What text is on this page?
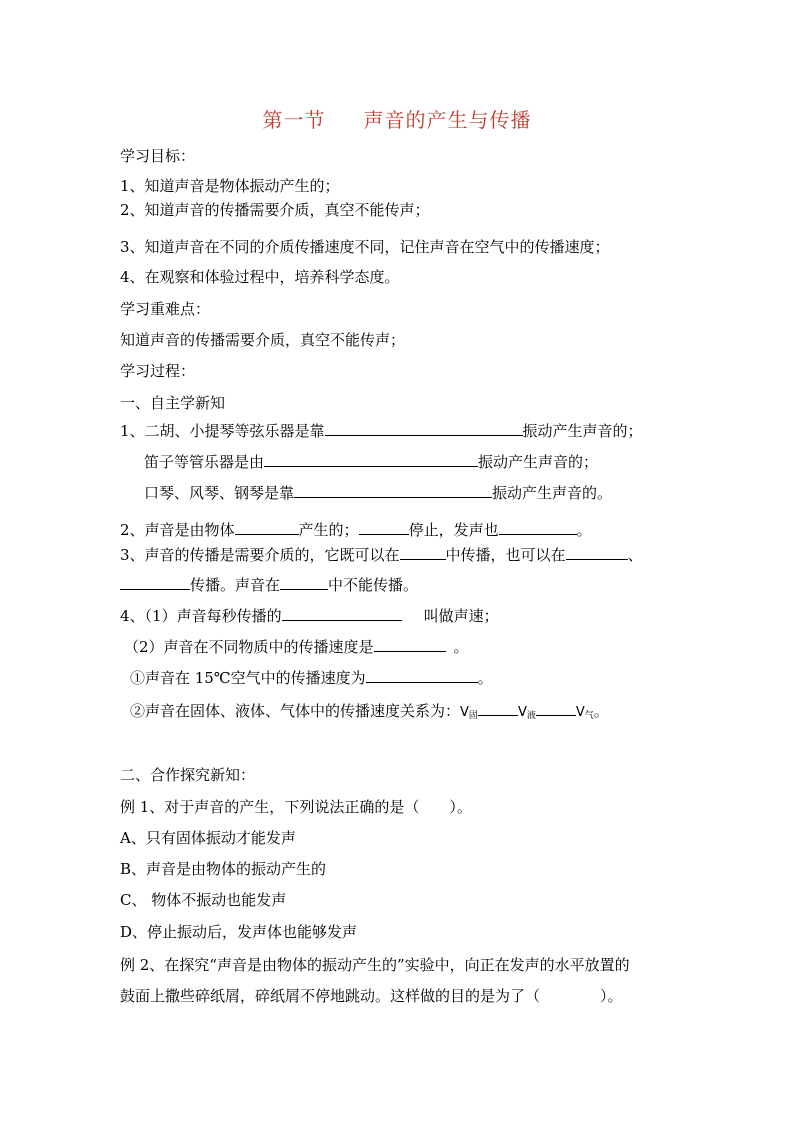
第一节 声音的产生与传播
学习目标：
1、知道声音是物体振动产生的；
2、知道声音的传播需要介质，真空不能传声；
3、知道声音在不同的介质传播速度不同，记住声音在空气中的传播速度；
4、在观察和体验过程中，培养科学态度。
学习重难点：
知道声音的传播需要介质，真空不能传声；
学习过程：
一、自主学新知
1、二胡、小提琴等弦乐器是靠	振动产生声音的；
笛子等管乐器是由	振动产生声音的；
口琴、风琴、钢琴是靠	振动产生声音的。
2、声音是由物体	产生的；	停止，发声也	。
3、声音的传播是需要介质的，它既可以在	中传播，也可以在	、
传播。声音在	中不能传播。
4、（1）声音每秒传播的	叫做声速；
（2）声音在不同物质中的传播速度是	。
①声音在 15℃空气中的传播速度为	。
②声音在固体、液体、气体中的传播速度关系为：V固	V液	V气。
二、合作探究新知：
例 1、对于声音的产生，下列说法正确的是（　　）。
A、只有固体振动才能发声
B、声音是由物体的振动产生的
C、 物体不振动也能发声
D、停止振动后，发声体也能够发声
例 2、在探究“声音是由物体的振动产生的”实验中，向正在发声的水平放置的
鼓面上撒些碎纸屑，碎纸屑不停地跳动。这样做的目的是为了（　　　　）。
